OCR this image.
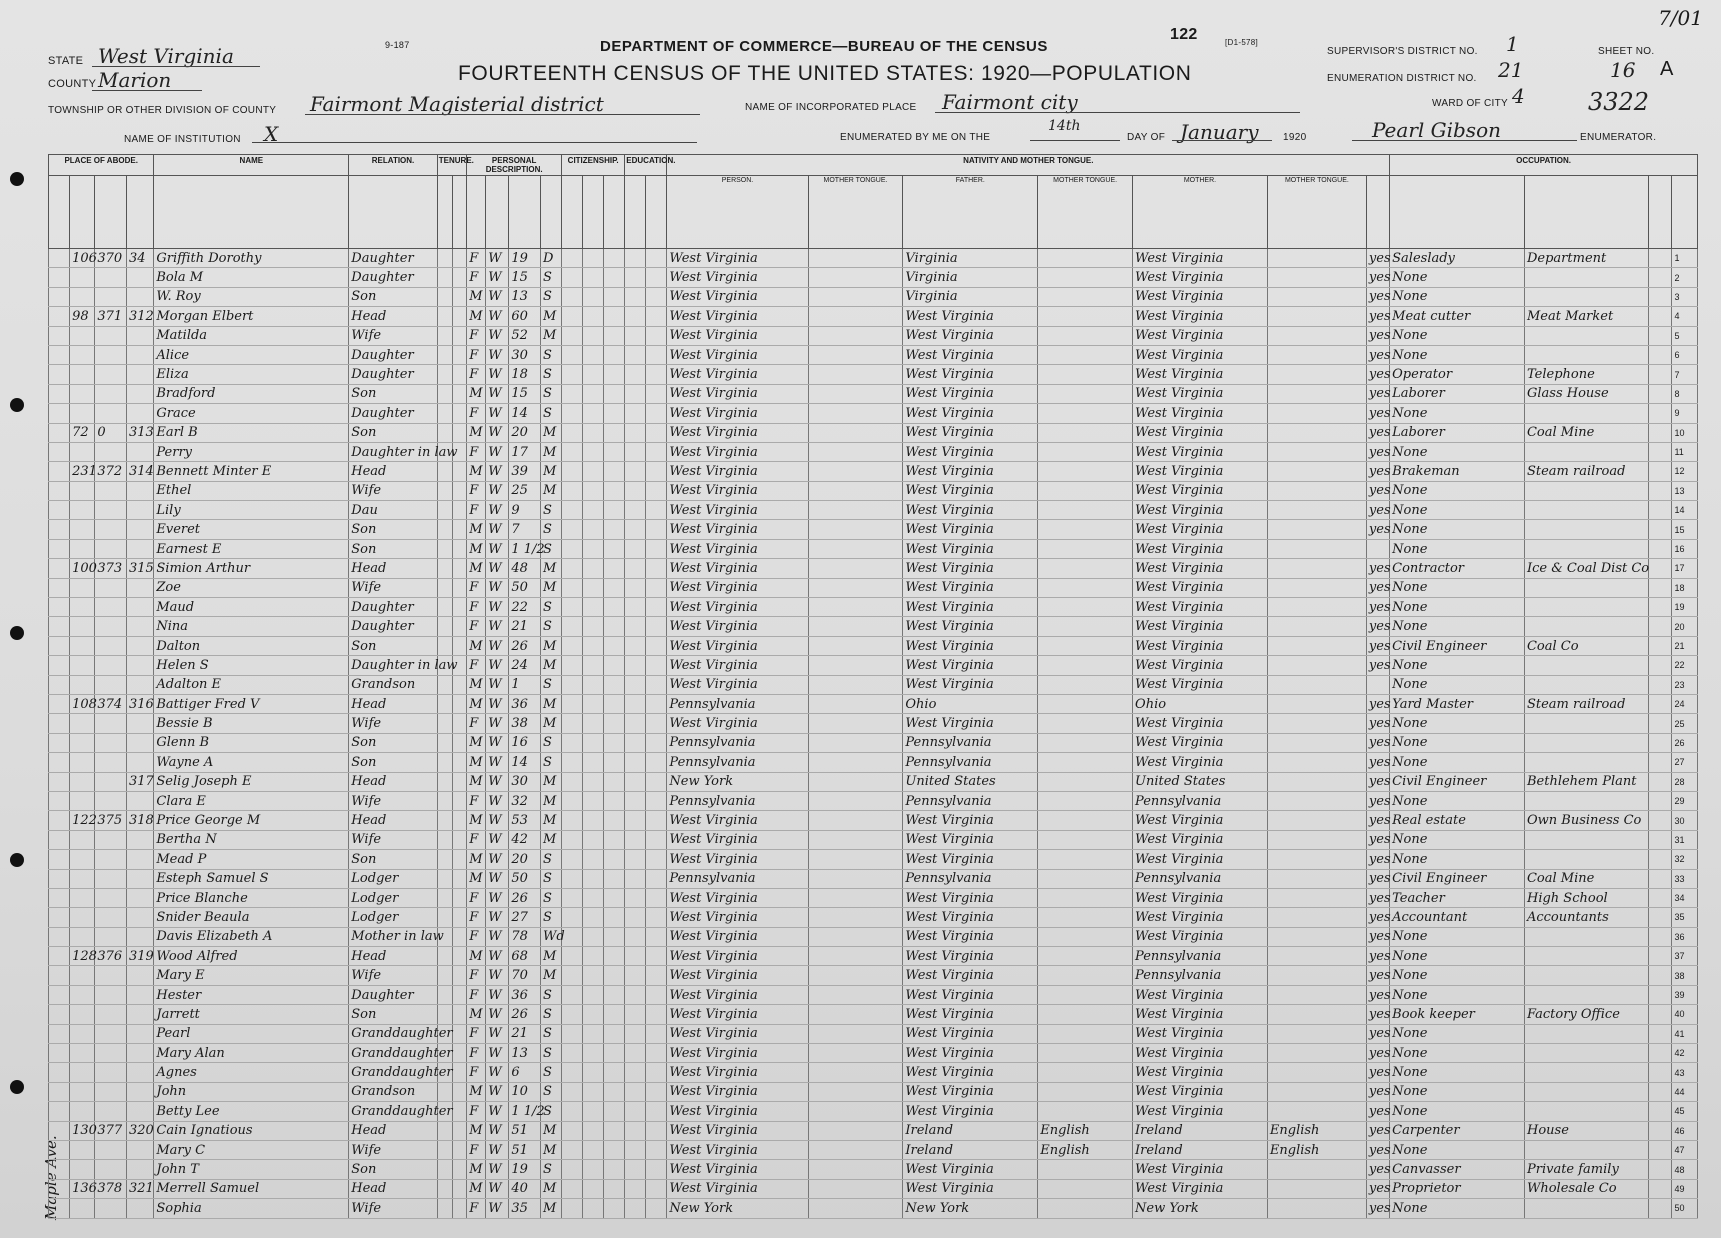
7/01
STATE West Virginia
COUNTY Marion
TOWNSHIP OR OTHER DIVISION OF COUNTY Fairmont Magisterial district
NAME OF INSTITUTION X
9-187	DEPARTMENT OF COMMERCE—BUREAU OF THE CENSUS
122	[D1-578]
FOURTEENTH CENSUS OF THE UNITED STATES: 1920—POPULATION
NAME OF INCORPORATED PLACE Fairmont city
ENUMERATED BY ME ON THE
14th
DAY OF January 1920	Pearl Gibson	ENUMERATOR.
SUPERVISOR'S DISTRICT NO. 1
ENUMERATION DISTRICT NO. 21
WARD OF CITY 4
SHEET NO.
16 A
3322
Maple Ave.
PLACE OF ABODE.				NAME	RELATION.	TENURE.		PERSONAL DESCRIPTION.				CITIZENSHIP.			EDUCATION.		NATIVITY AND MOTHER TONGUE.							OCCUPATION.			
																	PERSON.	MOTHER TONGUE.	FATHER.	MOTHER TONGUE.	MOTHER.	MOTHER TONGUE.					
	106	370	34	Griffith Dorothy	Daughter			F	W	19	D						West Virginia		Virginia		West Virginia		yes	Saleslady	Department		1
				Bola M	Daughter			F	W	15	S						West Virginia		Virginia		West Virginia		yes	None			2
				W. Roy	Son			M	W	13	S						West Virginia		Virginia		West Virginia		yes	None			3
	98	371	312	Morgan Elbert	Head			M	W	60	M						West Virginia		West Virginia		West Virginia		yes	Meat cutter	Meat Market		4
				Matilda	Wife			F	W	52	M						West Virginia		West Virginia		West Virginia		yes	None			5
				Alice	Daughter			F	W	30	S						West Virginia		West Virginia		West Virginia		yes	None			6
				Eliza	Daughter			F	W	18	S						West Virginia		West Virginia		West Virginia		yes	Operator	Telephone		7
				Bradford	Son			M	W	15	S						West Virginia		West Virginia		West Virginia		yes	Laborer	Glass House		8
				Grace	Daughter			F	W	14	S						West Virginia		West Virginia		West Virginia		yes	None			9
	72	0	313	Earl B	Son			M	W	20	M						West Virginia		West Virginia		West Virginia		yes	Laborer	Coal Mine		10
				Perry	Daughter in law			F	W	17	M						West Virginia		West Virginia		West Virginia		yes	None			11
	231	372	314	Bennett Minter E	Head			M	W	39	M						West Virginia		West Virginia		West Virginia		yes	Brakeman	Steam railroad		12
				Ethel	Wife			F	W	25	M						West Virginia		West Virginia		West Virginia		yes	None			13
				Lily	Dau			F	W	9	S						West Virginia		West Virginia		West Virginia		yes	None			14
				Everet	Son			M	W	7	S						West Virginia		West Virginia		West Virginia		yes	None			15
				Earnest E	Son			M	W	1 1/2	S						West Virginia		West Virginia		West Virginia			None			16
	100	373	315	Simion Arthur	Head			M	W	48	M						West Virginia		West Virginia		West Virginia		yes	Contractor	Ice & Coal Dist Co		17
				Zoe	Wife			F	W	50	M						West Virginia		West Virginia		West Virginia		yes	None			18
				Maud	Daughter			F	W	22	S						West Virginia		West Virginia		West Virginia		yes	None			19
				Nina	Daughter			F	W	21	S						West Virginia		West Virginia		West Virginia		yes	None			20
				Dalton	Son			M	W	26	M						West Virginia		West Virginia		West Virginia		yes	Civil Engineer	Coal Co		21
				Helen S	Daughter in law			F	W	24	M						West Virginia		West Virginia		West Virginia		yes	None			22
				Adalton E	Grandson			M	W	1	S						West Virginia		West Virginia		West Virginia			None			23
	108	374	316	Battiger Fred V	Head			M	W	36	M						Pennsylvania		Ohio		Ohio		yes	Yard Master	Steam railroad		24
				Bessie B	Wife			F	W	38	M						West Virginia		West Virginia		West Virginia		yes	None			25
				Glenn B	Son			M	W	16	S						Pennsylvania		Pennsylvania		West Virginia		yes	None			26
				Wayne A	Son			M	W	14	S						Pennsylvania		Pennsylvania		West Virginia		yes	None			27
			317	Selig Joseph E	Head			M	W	30	M						New York		United States		United States		yes	Civil Engineer	Bethlehem Plant		28
				Clara E	Wife			F	W	32	M						Pennsylvania		Pennsylvania		Pennsylvania		yes	None			29
	122	375	318	Price George M	Head			M	W	53	M						West Virginia		West Virginia		West Virginia		yes	Real estate	Own Business Co		30
				Bertha N	Wife			F	W	42	M						West Virginia		West Virginia		West Virginia		yes	None			31
				Mead P	Son			M	W	20	S						West Virginia		West Virginia		West Virginia		yes	None			32
				Esteph Samuel S	Lodger			M	W	50	S						Pennsylvania		Pennsylvania		Pennsylvania		yes	Civil Engineer	Coal Mine		33
				Price Blanche	Lodger			F	W	26	S						West Virginia		West Virginia		West Virginia		yes	Teacher	High School		34
				Snider Beaula	Lodger			F	W	27	S						West Virginia		West Virginia		West Virginia		yes	Accountant	Accountants		35
				Davis Elizabeth A	Mother in law			F	W	78	Wd						West Virginia		West Virginia		West Virginia		yes	None			36
	128	376	319	Wood Alfred	Head			M	W	68	M						West Virginia		West Virginia		Pennsylvania		yes	None			37
				Mary E	Wife			F	W	70	M						West Virginia		West Virginia		Pennsylvania		yes	None			38
				Hester	Daughter			F	W	36	S						West Virginia		West Virginia		West Virginia		yes	None			39
				Jarrett	Son			M	W	26	S						West Virginia		West Virginia		West Virginia		yes	Book keeper	Factory Office		40
				Pearl	Granddaughter			F	W	21	S						West Virginia		West Virginia		West Virginia		yes	None			41
				Mary Alan	Granddaughter			F	W	13	S						West Virginia		West Virginia		West Virginia		yes	None			42
				Agnes	Granddaughter			F	W	6	S						West Virginia		West Virginia		West Virginia		yes	None			43
				John	Grandson			M	W	10	S						West Virginia		West Virginia		West Virginia		yes	None			44
				Betty Lee	Granddaughter			F	W	1 1/2	S						West Virginia		West Virginia		West Virginia		yes	None			45
	130	377	320	Cain Ignatious	Head			M	W	51	M						West Virginia		Ireland	English	Ireland	English	yes	Carpenter	House		46
				Mary C	Wife			F	W	51	M						West Virginia		Ireland	English	Ireland	English	yes	None			47
				John T	Son			M	W	19	S						West Virginia		West Virginia		West Virginia		yes	Canvasser	Private family		48
	136	378	321	Merrell Samuel	Head			M	W	40	M						West Virginia		West Virginia		West Virginia		yes	Proprietor	Wholesale Co		49
				Sophia	Wife			F	W	35	M						New York		New York		New York		yes	None			50
